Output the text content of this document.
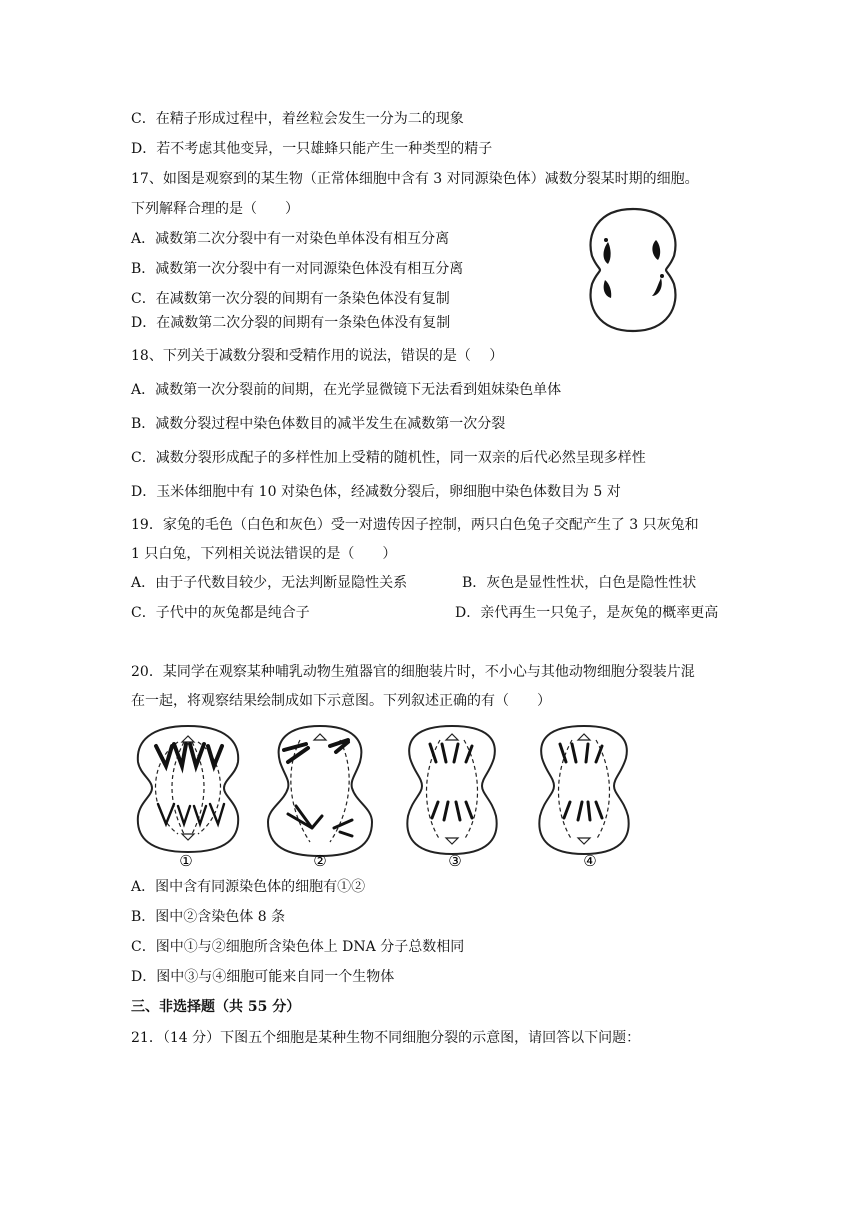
C．在精子形成过程中，着丝粒会发生一分为二的现象
D．若不考虑其他变异，一只雄蜂只能产生一种类型的精子
17、如图是观察到的某生物（正常体细胞中含有 3 对同源染色体）减数分裂某时期的细胞。
下列解释合理的是（　　）
A．减数第二次分裂中有一对染色单体没有相互分离
B．减数第一次分裂中有一对同源染色体没有相互分离
C．在减数第一次分裂的间期有一条染色体没有复制
D．在减数第二次分裂的间期有一条染色体没有复制
18、下列关于减数分裂和受精作用的说法，错误的是（　 ）
A．减数第一次分裂前的间期，在光学显微镜下无法看到姐妹染色单体
B．减数分裂过程中染色体数目的减半发生在减数第一次分裂
C．减数分裂形成配子的多样性加上受精的随机性，同一双亲的后代必然呈现多样性
D．玉米体细胞中有 10 对染色体，经减数分裂后，卵细胞中染色体数目为 5 对
19．家兔的毛色（白色和灰色）受一对遗传因子控制，两只白色兔子交配产生了 3 只灰兔和
1 只白兔，下列相关说法错误的是（　　）
A．由于子代数目较少，无法判断显隐性关系	B．灰色是显性性状，白色是隐性性状
C．子代中的灰兔都是纯合子	D．亲代再生一只兔子，是灰兔的概率更高
20．某同学在观察某种哺乳动物生殖器官的细胞装片时，不小心与其他动物细胞分裂装片混
在一起，将观察结果绘制成如下示意图。下列叙述正确的有（　　）
①	②	③	④
A．图中含有同源染色体的细胞有①②
B．图中②含染色体 8 条
C．图中①与②细胞所含染色体上 DNA 分子总数相同
D．图中③与④细胞可能来自同一个生物体
三、非选择题（共 55 分）
21．（14 分）下图五个细胞是某种生物不同细胞分裂的示意图，请回答以下问题：
